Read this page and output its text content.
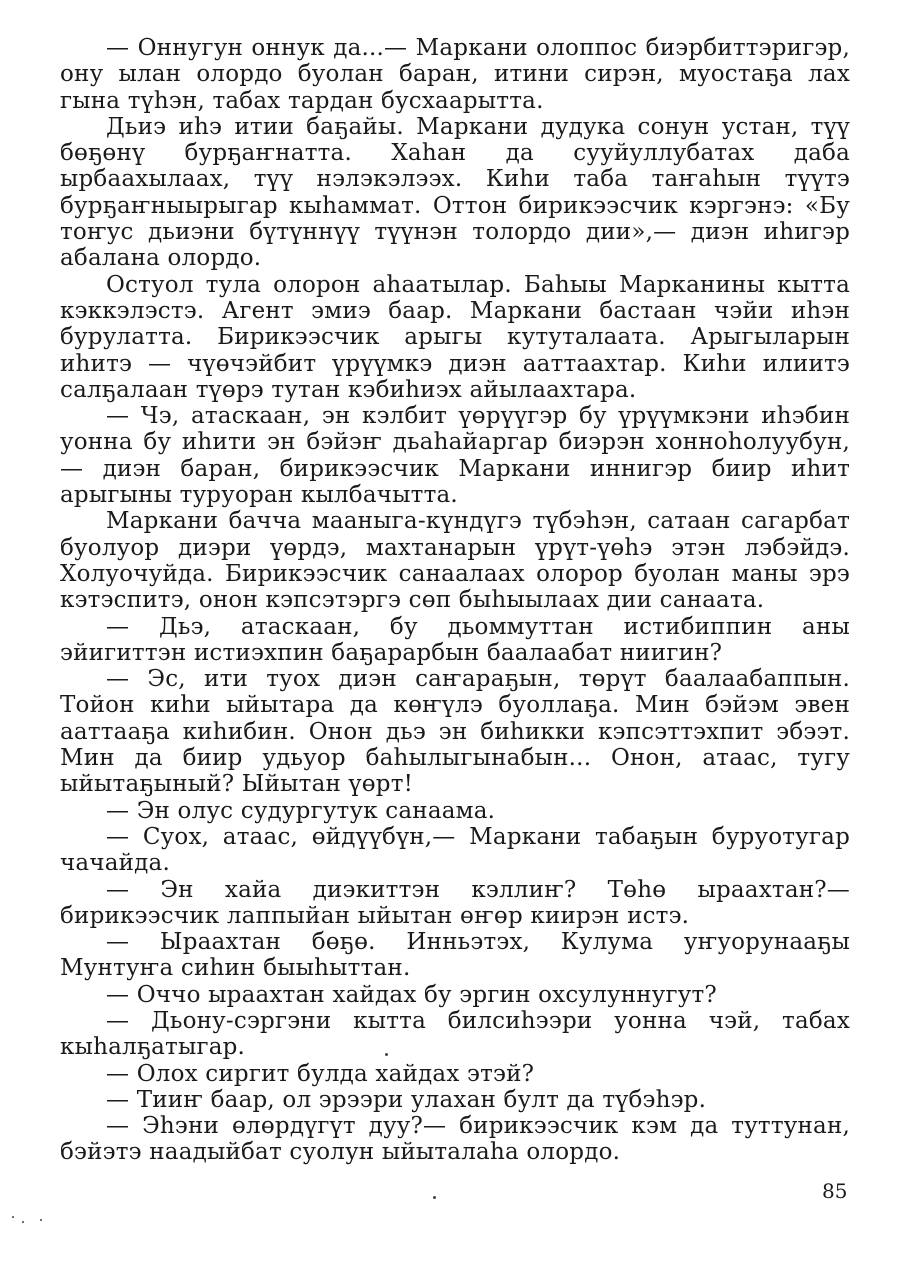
— Оннугун оннук да...— Маркани олоппос биэрбиттэригэр, ону ылан олордо буолан баран, итини сирэн, муостаҕа лах гына түһэн, табах тардан бусхаарытта.

Дьиэ иһэ итии баҕайы. Маркани дудука сонун устан, түү бөҕөнү бурҕаҥнатта. Хаһан да сууйуллубатах даба ырбаахылаах, түү нэлэкэлээх. Киһи таба таҥаһын түүтэ бурҕаҥныырыгар кыһаммат. Оттон бирикээсчик кэргэнэ: «Бу тоҥус дьиэни бүтүннүү түүнэн толордо дии»,— диэн иһигэр абалана олордо.

Остуол тула олорон аһаатылар. Баһыы Марканины кытта кэккэлэстэ. Агент эмиэ баар. Маркани бастаан чэйи иһэн бурулатта. Бирикээсчик арыгы кутуталаата. Арыгыларын иһитэ — чүөчэйбит үрүүмкэ диэн ааттаахтар. Киһи илиитэ салҕалаан түөрэ тутан кэбиһиэх айылаахтара.

— Чэ, атаскаан, эн кэлбит үөрүүгэр бу үрүүмкэни иһэбин уонна бу иһити эн бэйэҥ дьаһайаргар биэрэн хонноһолуубун,— диэн баран, бирикээсчик Маркани иннигэр биир иһит арыгыны туруоран кылбачытта.

Маркани баччa мааныга-күндүгэ түбэһэн, сатаан сагарбат буолуор диэри үөрдэ, махтанарын үрүт-үөһэ этэн лэбэйдэ. Холуочуйда. Бирикээсчик санаалаах олорор буолан маны эрэ кэтэспитэ, онон кэпсэтэргэ сөп быһыылаах дии санаата.

— Дьэ, атаскаан, бу дьоммуттан истибиппин аны эйигиттэн истиэхпин баҕарарбын баалаабат ниигин?

— Эс, ити туох диэн саҥараҕын, төрүт баалаабаппын. Тойон киһи ыйытара да көҥүлэ буоллаҕа. Мин бэйэм эвен ааттааҕа киһибин. Онон дьэ эн биһикки кэпсэттэхпит эбээт. Мин да биир удьуор баһылыгынабын... Онон, атаас, тугу ыйытаҕыный? Ыйытан үөрт!

— Эн олус судургутук санаама.

— Суох, атаас, өйдүүбүн,— Маркани табаҕын буруотугар чачайда.

— Эн хайа диэкиттэн кэллиҥ? Төһө ыраахтан?— бирикээсчик лаппыйан ыйытан өҥөр киирэн истэ.

— Ыраахтан бөҕө. Инньэтэх, Кулума уҥуорунааҕы Мунтуҥа сиһин быыһыттан.

— Оччо ыраахтан хайдах бу эргин охсулуннугут?

— Дьону-сэргэни кытта билсиһээри уонна чэй, табах кыһалҕатыгар.

— Олох сиргит булда хайдах этэй?

— Тииҥ баар, ол эрээри улахан булт да түбэһэр.

— Эһэни өлөрдүгүт дуу?— бирикээсчик кэм да туттунан, бэйэтэ наадыйбат суолун ыйыталаһа олордо.

85
